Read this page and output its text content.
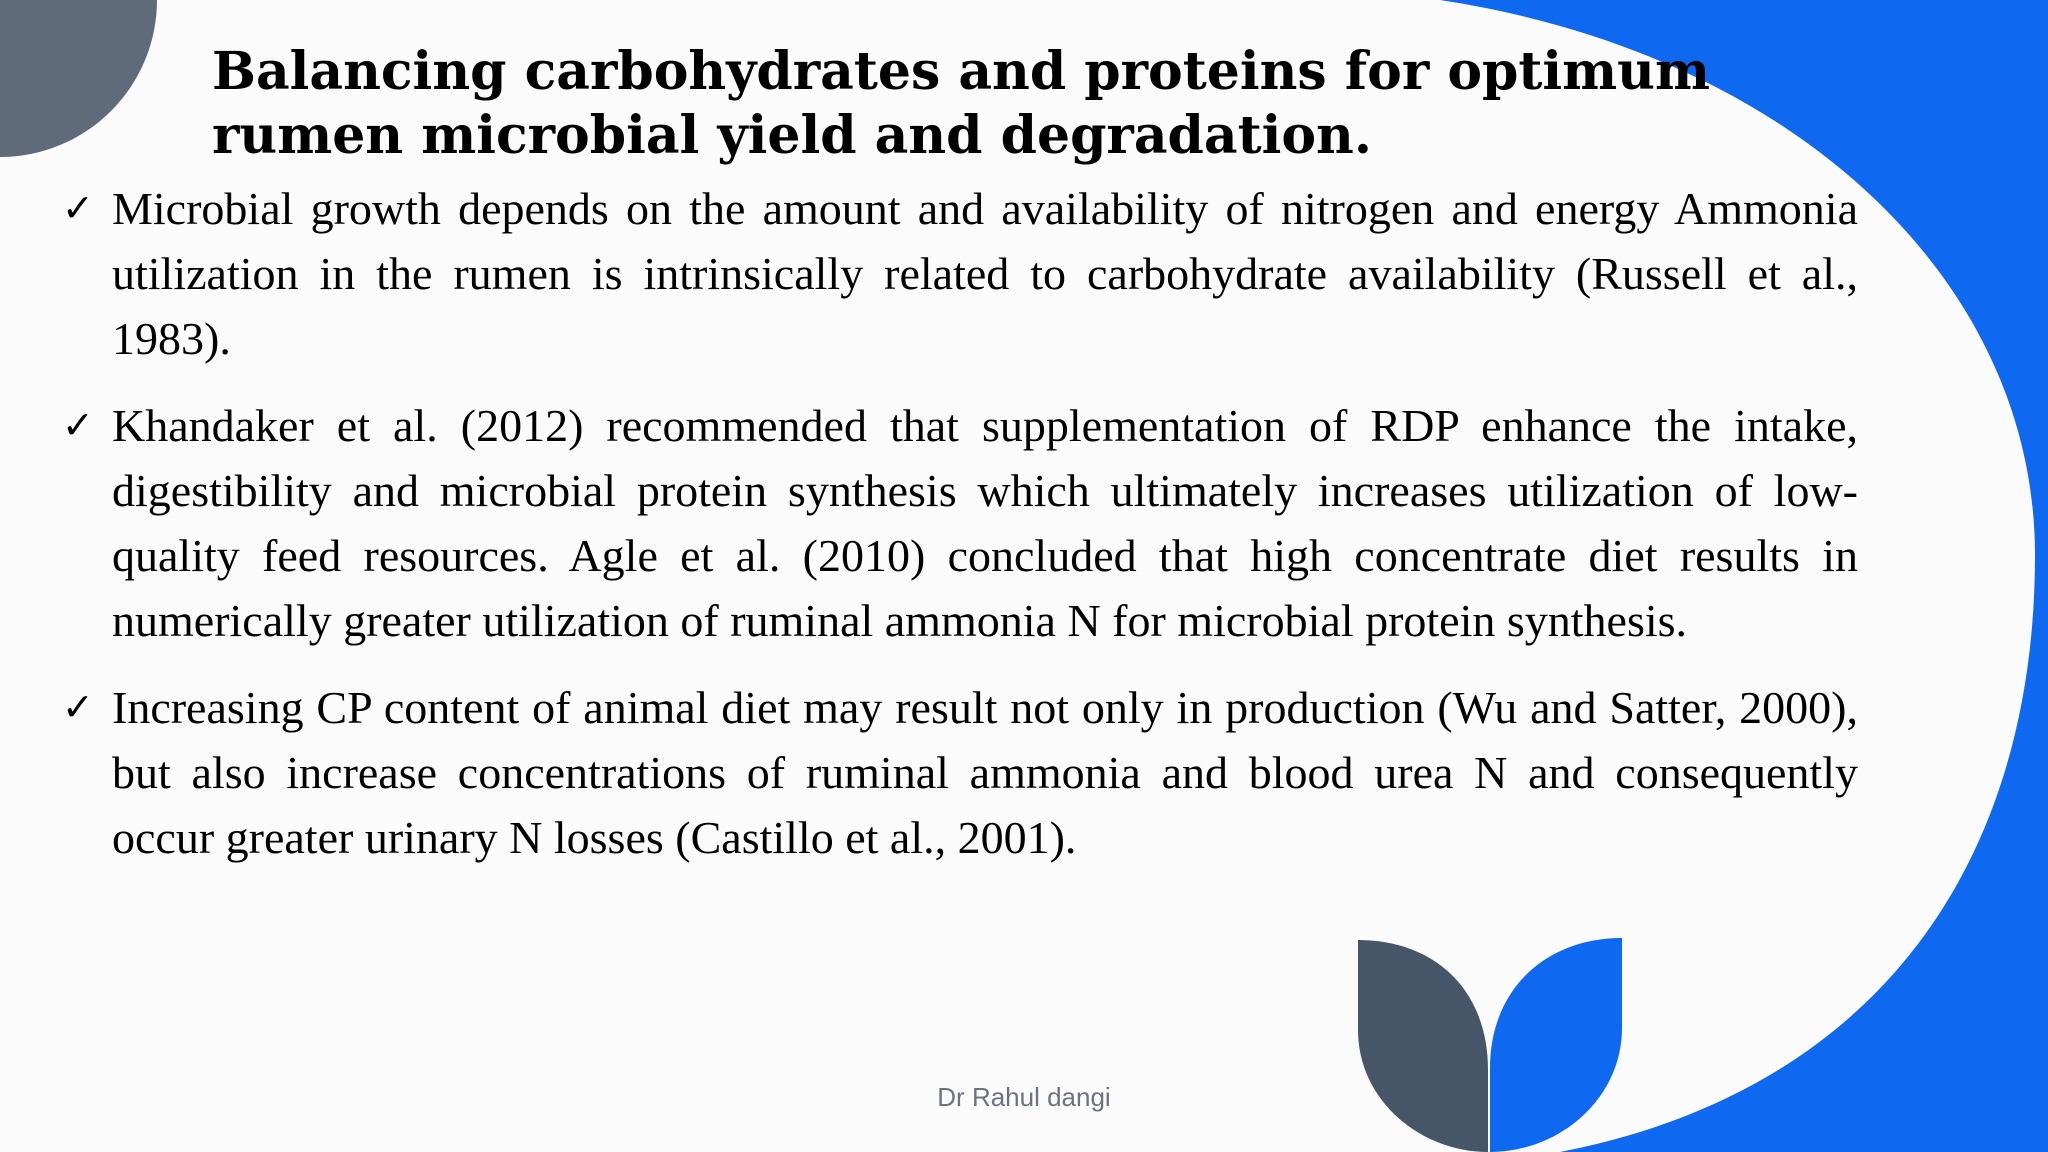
Balancing carbohydrates and proteins for optimum rumen microbial yield and degradation.
✓ Microbial growth depends on the amount and availability of nitrogen and energy Ammonia utilization in the rumen is intrinsically related to carbohydrate availability (Russell et al., 1983).
✓ Khandaker et al. (2012) recommended that supplementation of RDP enhance the intake, digestibility and microbial protein synthesis which ultimately increases utilization of low-quality feed resources. Agle et al. (2010) concluded that high concentrate diet results in numerically greater utilization of ruminal ammonia N for microbial protein synthesis.
✓ Increasing CP content of animal diet may result not only in production (Wu and Satter, 2000), but also increase concentrations of ruminal ammonia and blood urea N and consequently occur greater urinary N losses (Castillo et al., 2001).
Dr Rahul dangi
